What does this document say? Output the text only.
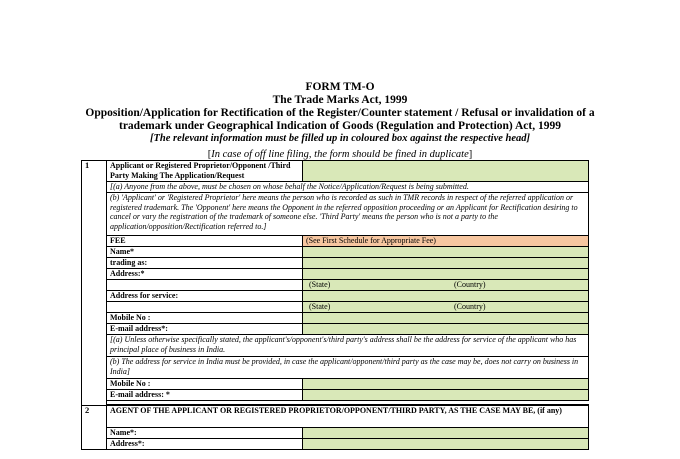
FORM TM-O
The Trade Marks Act, 1999
Opposition/Application for Rectification of the Register/Counter statement / Refusal or invalidation of a
trademark under Geographical Indication of Goods (Regulation and Protection) Act, 1999
[The relevant information must be filled up in coloured box against the respective head]
[In case of off line filing, the form should be fined in duplicate]
1	Applicant or Registered Proprietor/Opponent /Third Party Making The Application/Request	
	[(a) Anyone from the above, must be chosen on whose behalf the Notice/Application/Request is being submitted.	
	(b) 'Applicant' or 'Registered Proprietor' here means the person who is recorded as such in TMR records in respect of the referred application or registered trademark. The 'Opponent' here means the Opponent in the referred opposition proceeding or an Applicant for Rectification desiring to cancel or vary the registration of the trademark of someone else. 'Third Party' means the person who is not a party to the application/opposition/Rectification referred to.]	
	FEE	(See First Schedule for Appropriate Fee)
	Name*	
	trading as:	
	Address:*	
		(State) (Country)
	Address for service:	
		(State) (Country)
	Mobile No :	
	E-mail address*:	
	[(a) Unless otherwise specifically stated, the applicant's/opponent's/third party's address shall be the address for service of the applicant who has principal place of business in India.	
	(b) The address for service in India must be provided, in case the applicant/opponent/third party as the case may be, does not carry on business in India]	
	Mobile No :	
	E-mail address: *	

2	AGENT OF THE APPLICANT OR REGISTERED PROPRIETOR/OPPONENT/THIRD PARTY, AS THE CASE MAY BE, (if any)	
	Name*:	
	Address*:	
